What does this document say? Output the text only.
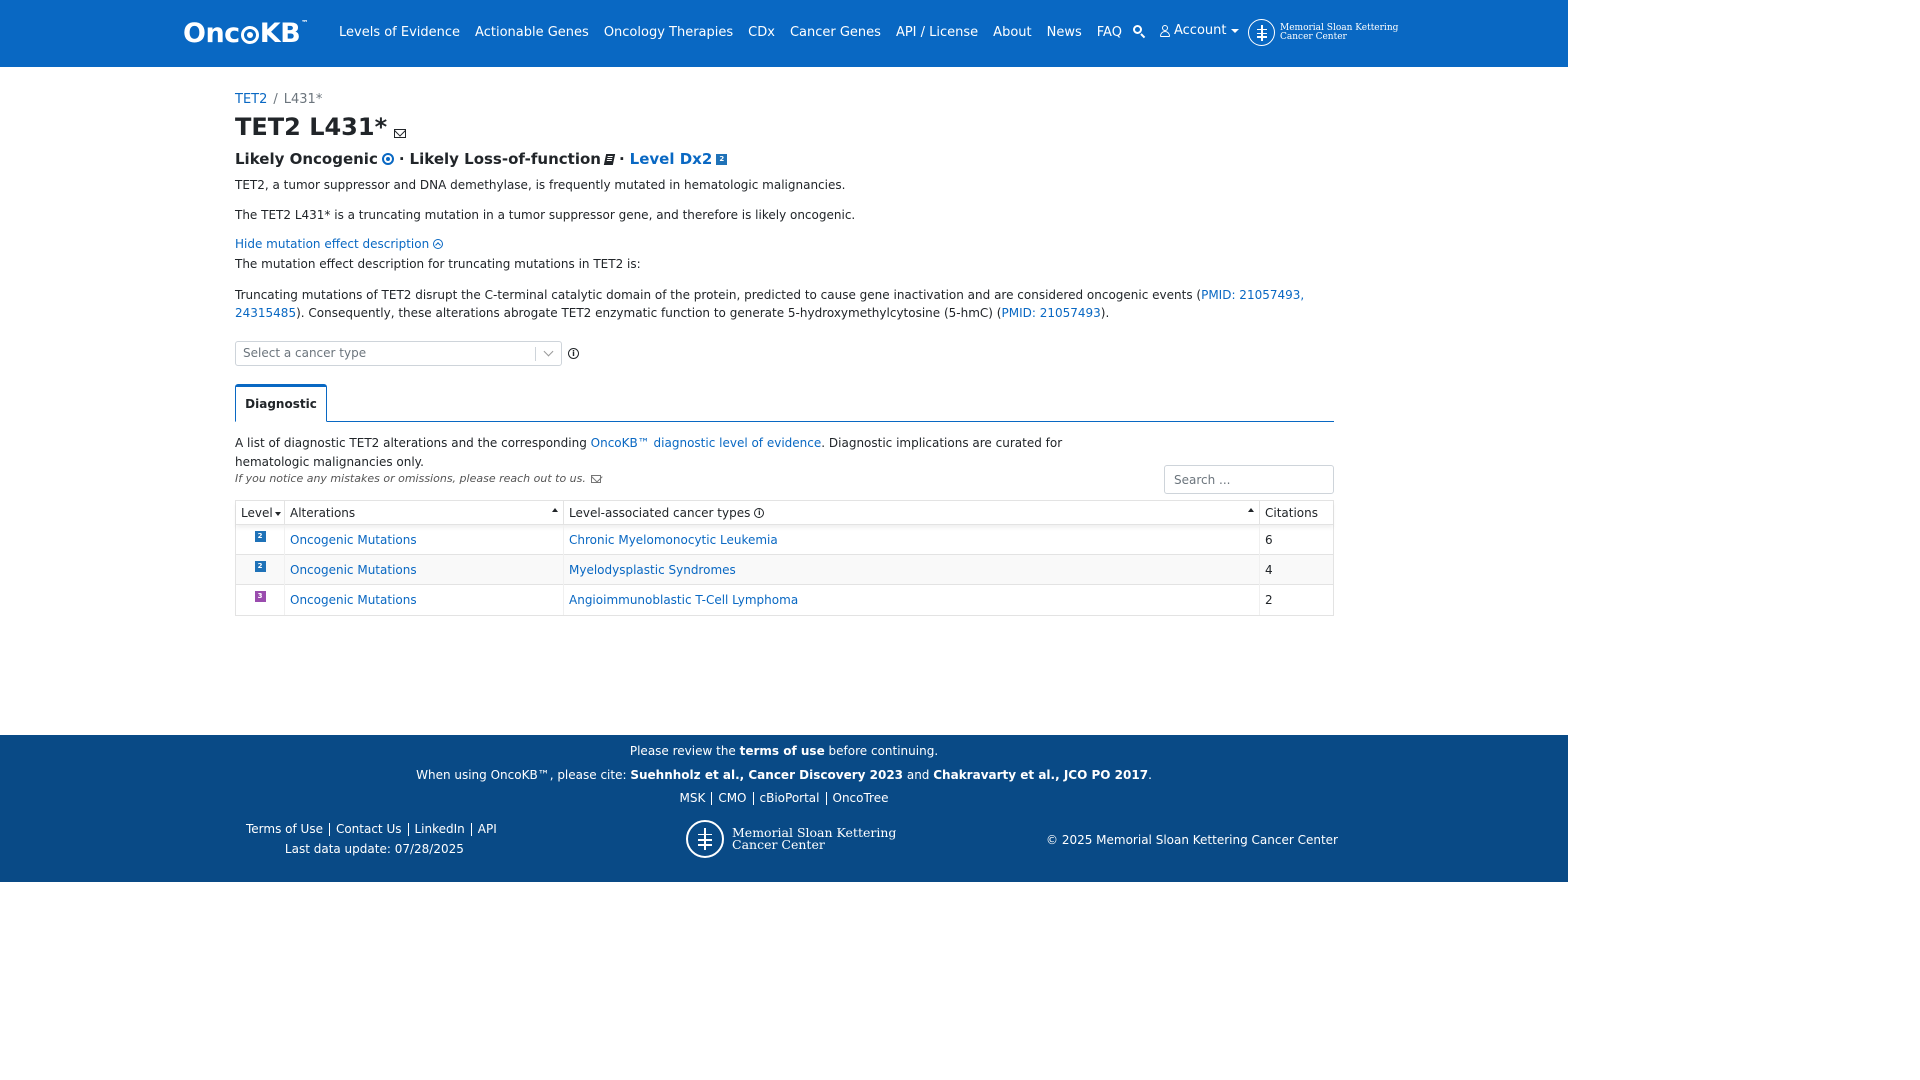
Onc KB ™
Levels of Evidence Actionable Genes Oncology Therapies CDx Cancer Genes API / License About News FAQ	Account	Memorial Sloan Kettering
Cancer Center
TET2 / L431*
TET2 L431*
Likely Oncogenic · Likely Loss-of-function · Level Dx2	2
TET2, a tumor suppressor and DNA demethylase, is frequently mutated in hematologic malignancies.
The TET2 L431* is a truncating mutation in a tumor suppressor gene, and therefore is likely oncogenic.
Hide mutation effect description
The mutation effect description for truncating mutations in TET2 is:
Truncating mutations of TET2 disrupt the C-terminal catalytic domain of the protein, predicted to cause gene inactivation and are considered oncogenic events (PMID: 21057493, 24315485). Consequently, these alterations abrogate TET2 enzymatic function to generate 5-hydroxymethylcytosine (5-hmC) (PMID: 21057493).
Select a cancer type	i
Diagnostic
A list of diagnostic TET2 alterations and the corresponding OncoKB™ diagnostic level of evidence. Diagnostic implications are curated for hematologic malignancies only.
If you notice any mistakes or omissions, please reach out to us.
Search ...
Level Alterations	Level-associated cancer types	i	Citations
2 Oncogenic Mutations	Chronic Myelomonocytic Leukemia	6
2 Oncogenic Mutations	Myelodysplastic Syndromes	4
3 Oncogenic Mutations	Angioimmunoblastic T-Cell Lymphoma	2
Please review the terms of use before continuing.
When using OncoKB™, please cite: Suehnholz et al., Cancer Discovery 2023 and Chakravarty et al., JCO PO 2017.
MSK	CMO	cBioPortal	OncoTree
Terms of Use	Contact Us	LinkedIn	API
Last data update: 07/28/2025
Memorial Sloan Kettering
Cancer Center	© 2025 Memorial Sloan Kettering Cancer Center
